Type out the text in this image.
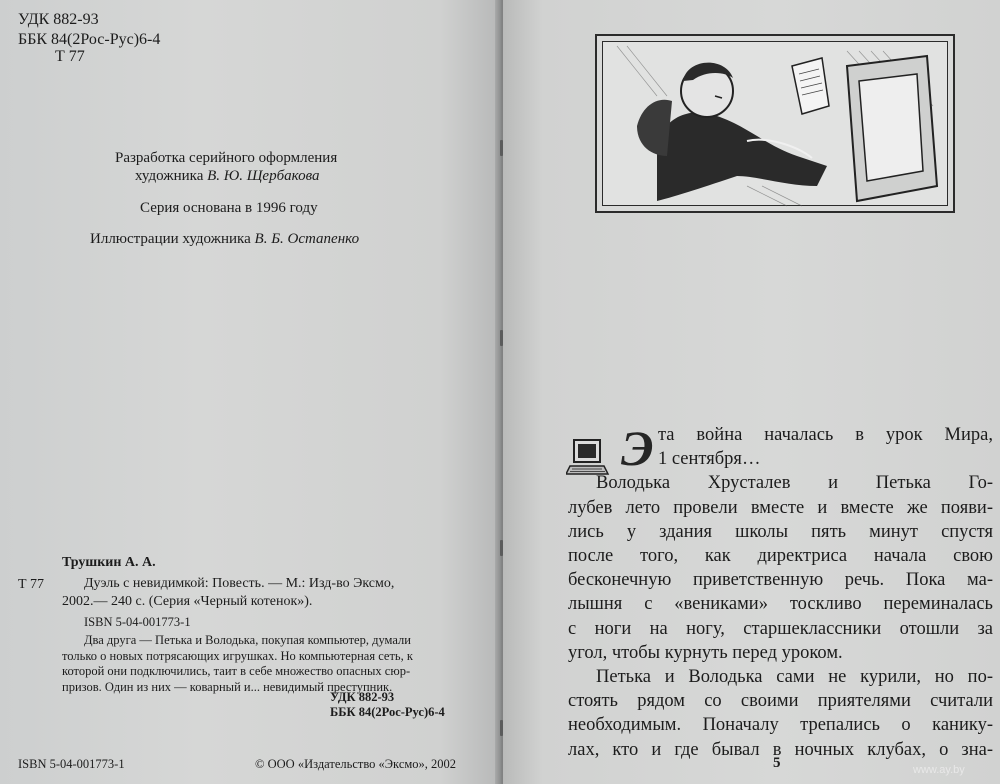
УДК 882-93
ББК 84(2Рос-Рус)6-4
Т 77
Разработка серийного оформления
художника В. Ю. Щербакова
Серия основана в 1996 году
Иллюстрации художника В. Б. Остапенко
Трушкин А. А.
Т 77	Дуэль с невидимкой: Повесть. — М.: Изд-во Эксмо,
2002.— 240 с. (Серия «Черный котенок»).
ISBN 5-04-001773-1
Два друга — Петька и Володька, покупая компьютер, думали
только о новых потрясающих игрушках. Но компьютерная сеть, к
которой они подключились, таит в себе множество опасных сюр-
призов. Один из них — коварный и... невидимый преступник.
УДК 882-93
ББК 84(2Рос-Рус)6-4
ISBN 5-04-001773-1	© ООО «Издательство «Эксмо», 2002
Э та война началась в урок Мира,
1 сентября…
Володька Хрусталев и Петька Го-
лубев лето провели вместе и вместе же появи-
лись у здания школы пять минут спустя
после того, как директриса начала свою
бесконечную приветственную речь. Пока ма-
лышня с «вениками» тоскливо переминалась
с ноги на ногу, старшеклассники отошли за
угол, чтобы курнуть перед уроком.
Петька и Володька сами не курили, но по-
стоять рядом со своими приятелями считали
необходимым. Поначалу трепались о канику-
лах, кто и где бывал в ночных клубах, о зна-
5	www.ay.by
